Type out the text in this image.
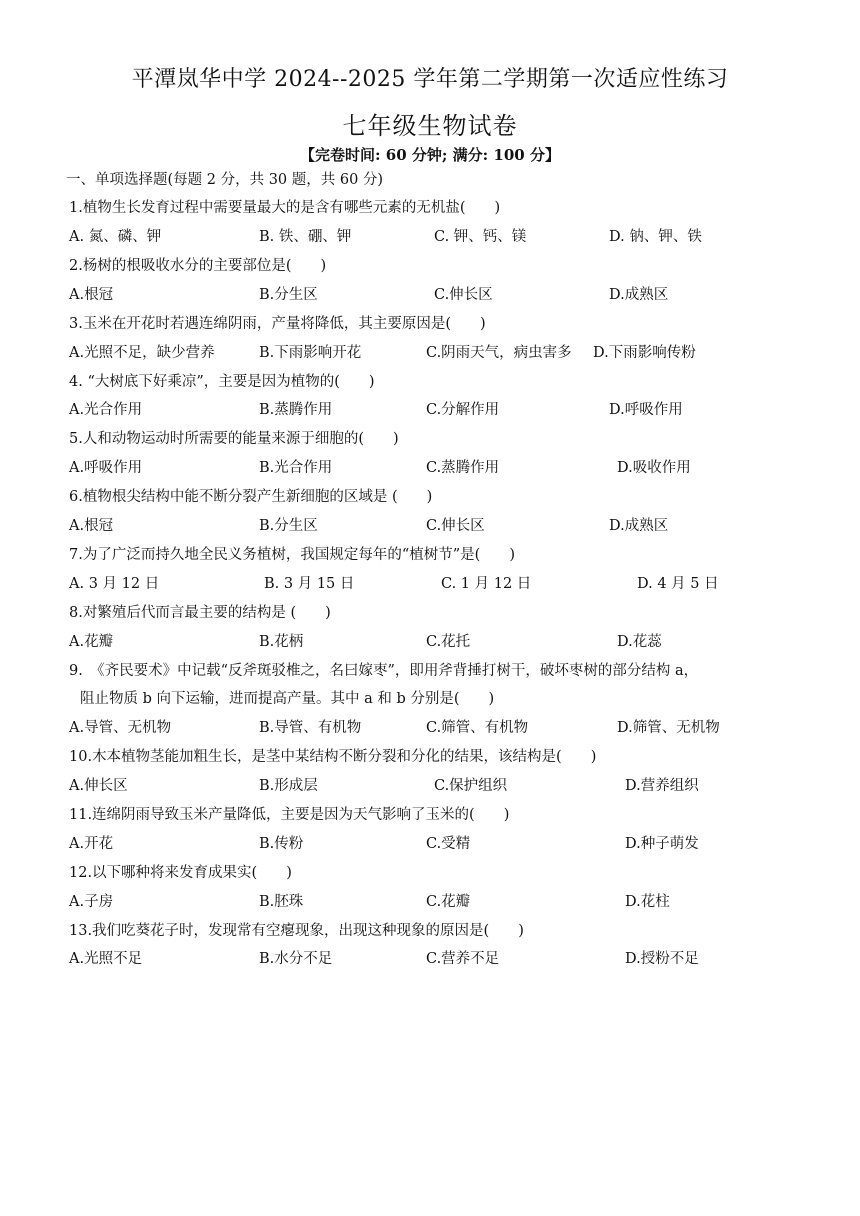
平潭岚华中学 2024--2025 学年第二学期第一次适应性练习
七年级生物试卷
【完卷时间: 60 分钟; 满分: 100 分】
一、单项选择题(每题 2 分，共 30 题，共 60 分)
1.植物生长发育过程中需要量最大的是含有哪些元素的无机盐(　　)
A. 氮、磷、钾	B. 铁、硼、钾	C. 钾、钙、镁	D. 钠、钾、铁
2.杨树的根吸收水分的主要部位是(　　)
A.根冠	B.分生区	C.伸长区	D.成熟区
3.玉米在开花时若遇连绵阴雨，产量将降低，其主要原因是(　　)
A.光照不足，缺少营养	B.下雨影响开花	C.阴雨天气，病虫害多 D.下雨影响传粉
4. “大树底下好乘凉”，主要是因为植物的(　　)
A.光合作用	B.蒸腾作用	C.分解作用	D.呼吸作用
5.人和动物运动时所需要的能量来源于细胞的(　　)
A.呼吸作用	B.光合作用	C.蒸腾作用	D.吸收作用
6.植物根尖结构中能不断分裂产生新细胞的区域是 (　　)
A.根冠	B.分生区	C.伸长区	D.成熟区
7.为了广泛而持久地全民义务植树，我国规定每年的“植树节”是(　　)
A. 3 月 12 日	B. 3 月 15 日	C. 1 月 12 日	D. 4 月 5 日
8.对繁殖后代而言最主要的结构是 (　　)
A.花瓣	B.花柄	C.花托	D.花蕊
9.　《齐民要术》中记载“反斧斑驳椎之，名曰嫁枣”，即用斧背捶打树干，破坏枣树的部分结构 a，
阻止物质 b 向下运输，进而提高产量。其中 a 和 b 分别是(　　)
A.导管、无机物	B.导管、有机物	C.筛管、有机物	D.筛管、无机物
10.木本植物茎能加粗生长，是茎中某结构不断分裂和分化的结果，该结构是(　　)
A.伸长区	B.形成层	C.保护组织	D.营养组织
11.连绵阴雨导致玉米产量降低，主要是因为天气影响了玉米的(　　)
A.开花	B.传粉	C.受精	D.种子萌发
12.以下哪种将来发育成果实(　　)
A.子房	B.胚珠	C.花瓣	D.花柱
13.我们吃葵花子时，发现常有空瘪现象，出现这种现象的原因是(　　)
A.光照不足	B.水分不足	C.营养不足	D.授粉不足
